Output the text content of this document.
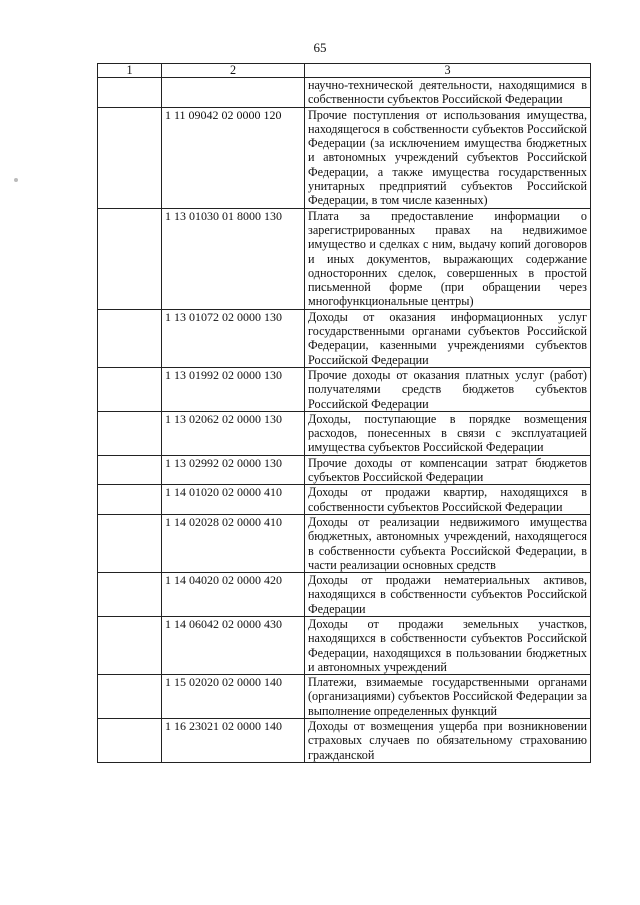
65
1	2	3
		научно-технической деятельности, находящимися в собственности субъектов Российской Федерации
	1 11 09042 02 0000 120	Прочие поступления от использования имущества, находящегося в собственности субъектов Российской Федерации (за исключением имущества бюджетных и автономных учреждений субъектов Российской Федерации, а также имущества государственных унитарных предприятий субъектов Российской Федерации, в том числе казенных)
	1 13 01030 01 8000 130	Плата за предоставление информации о зарегистрированных правах на недвижимое имущество и сделках с ним, выдачу копий договоров и иных документов, выражающих содержание односторонних сделок, совершенных в простой письменной форме (при обращении через многофункциональные центры)
	1 13 01072 02 0000 130	Доходы от оказания информационных услуг государственными органами субъектов Российской Федерации, казенными учреждениями субъектов Российской Федерации
	1 13 01992 02 0000 130	Прочие доходы от оказания платных услуг (работ) получателями средств бюджетов субъектов Российской Федерации
	1 13 02062 02 0000 130	Доходы, поступающие в порядке возмещения расходов, понесенных в связи с эксплуатацией имущества субъектов Российской Федерации
	1 13 02992 02 0000 130	Прочие доходы от компенсации затрат бюджетов субъектов Российской Федерации
	1 14 01020 02 0000 410	Доходы от продажи квартир, находящихся в собственности субъектов Российской Федерации
	1 14 02028 02 0000 410	Доходы от реализации недвижимого имущества бюджетных, автономных учреждений, находящегося в собственности субъекта Российской Федерации, в части реализации основных средств
	1 14 04020 02 0000 420	Доходы от продажи нематериальных активов, находящихся в собственности субъектов Российской Федерации
	1 14 06042 02 0000 430	Доходы от продажи земельных участков, находящихся в собственности субъектов Российской Федерации, находящихся в пользовании бюджетных и автономных учреждений
	1 15 02020 02 0000 140	Платежи, взимаемые государственными органами (организациями) субъектов Российской Федерации за выполнение определенных функций
	1 16 23021 02 0000 140	Доходы от возмещения ущерба при возникновении страховых случаев по обязательному страхованию гражданской
